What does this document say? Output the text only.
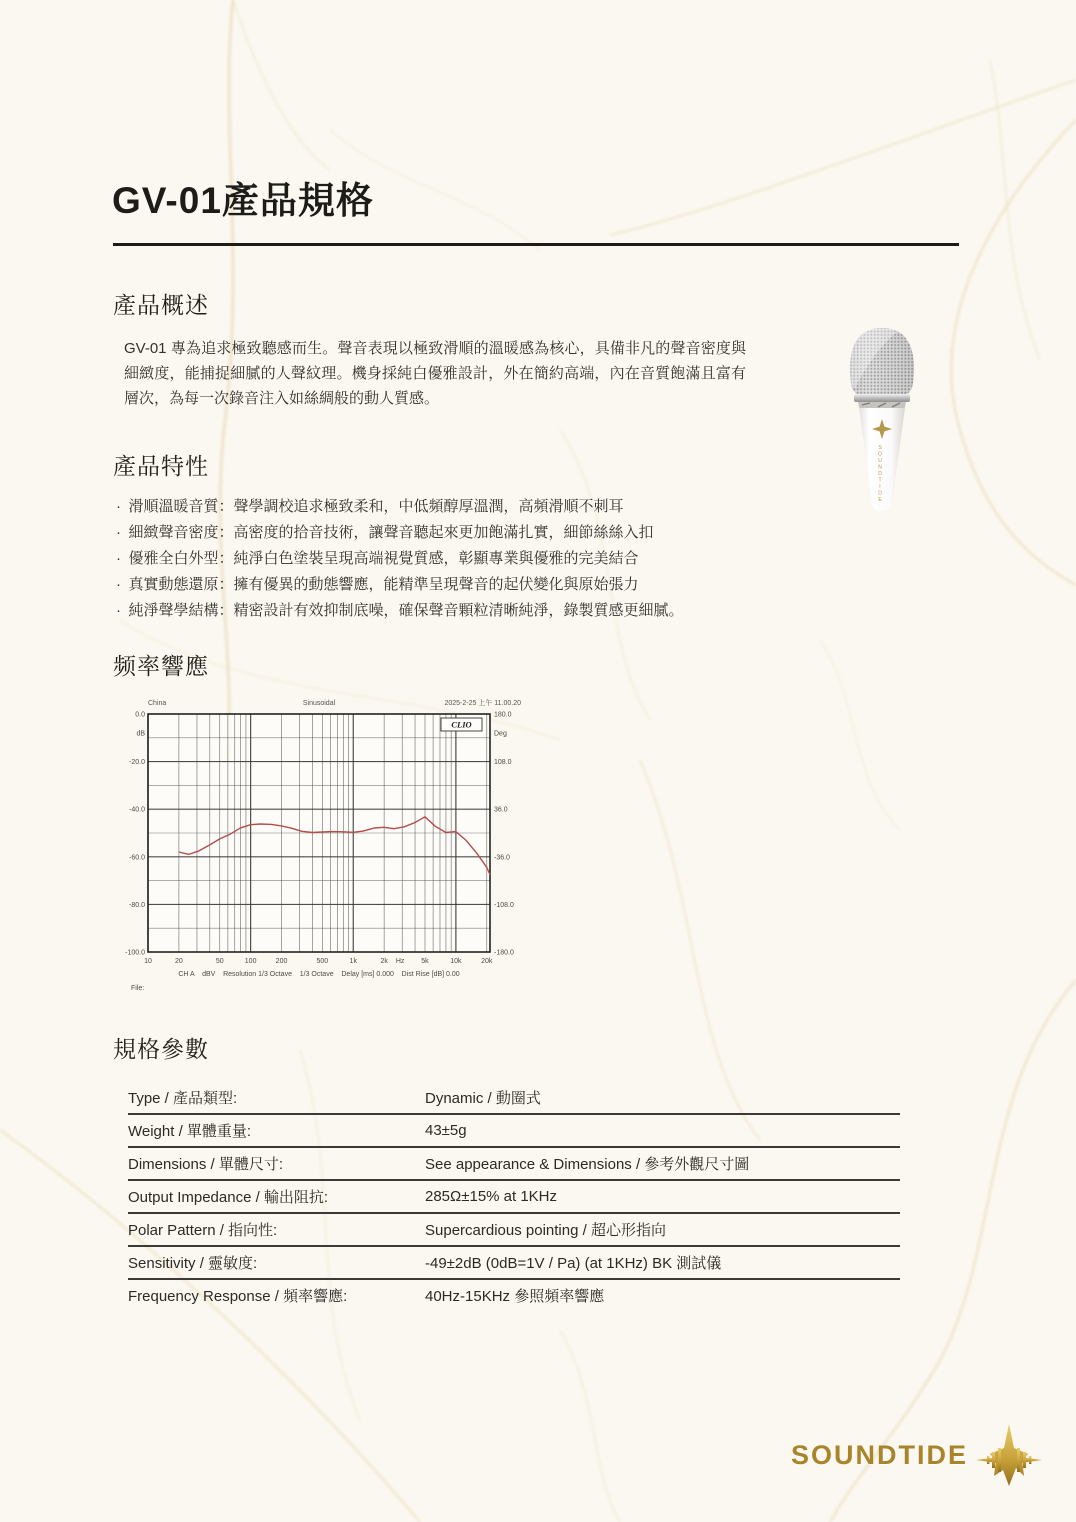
GV-01產品規格
產品概述

GV-01 專為追求極致聽感而生。聲音表現以極致滑順的溫暖感為核心，具備非凡的聲音密度與細緻度，能捕捉細膩的人聲紋理。機身採純白優雅設計，外在簡約高端，內在音質飽滿且富有層次，為每一次錄音注入如絲綢般的動人質感。

SOUNDTIDE
產品特性
· 滑順溫暖音質：聲學調校追求極致柔和，中低頻醇厚溫潤，高頻滑順不刺耳
· 細緻聲音密度：高密度的拾音技術，讓聲音聽起來更加飽滿扎實，細節絲絲入扣
· 優雅全白外型：純淨白色塗裝呈現高端視覺質感，彰顯專業與優雅的完美結合
· 真實動態還原：擁有優異的動態響應，能精準呈現聲音的起伏變化與原始張力
· 純淨聲學結構：精密設計有效抑制底噪，確保聲音顆粒清晰純淨，錄製質感更細膩。
频率響應
0.0	180.0
-20.0	108.0
-40.0	36.0
-60.0	-36.0
-80.0	-108.0
-100.0	-180.0
dB	Deg
10	20	50	100	200	500	1k	2k	5k	10k	20k
Hz
China	Sinusoidal	2025-2-25 上午 11.00.20
CLIO
CH A    dBV    Resolution 1/3 Octave    1/3 Octave    Delay [ms] 0.000    Dist Rise [dB] 0.00
File:
規格參數
Type / 產品類型:	Dynamic / 動圈式
Weight / 單體重量:	43±5g
Dimensions / 單體尺寸:	See appearance & Dimensions / 參考外觀尺寸圖
Output Impedance / 輸出阻抗:	285Ω±15% at 1KHz
Polar Pattern / 指向性:	Supercardious pointing / 超心形指向
Sensitivity / 靈敏度:	-49±2dB (0dB=1V / Pa) (at 1KHz) BK 測試儀
Frequency Response / 頻率響應:	40Hz-15KHz 參照頻率響應
SOUNDTIDE
